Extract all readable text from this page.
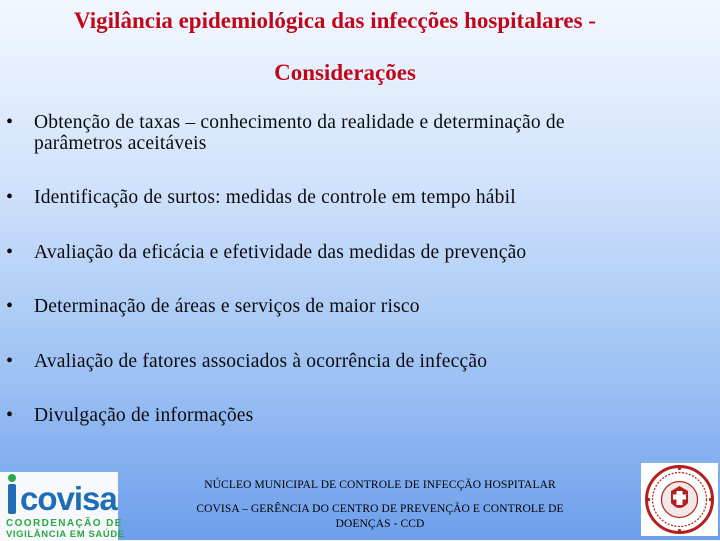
Vigilância epidemiológica das infecções hospitalares -
Considerações
• Obtenção de taxas – conhecimento da realidade e determinação de
parâmetros aceitáveis
• Identificação de surtos: medidas de controle em tempo hábil
• Avaliação da eficácia e efetividade das medidas de prevenção
• Determinação de áreas e serviços de maior risco
• Avaliação de fatores associados à ocorrência de infecção
• Divulgação de informações
covisa
COORDENAÇÃO DE
VIGILÂNCIA EM SAÚDE
NÚCLEO MUNICIPAL DE CONTROLE DE INFECÇÃO HOSPITALAR
COVISA – GERÊNCIA DO CENTRO DE PREVENÇÃO E CONTROLE DE
DOENÇAS - CCD
